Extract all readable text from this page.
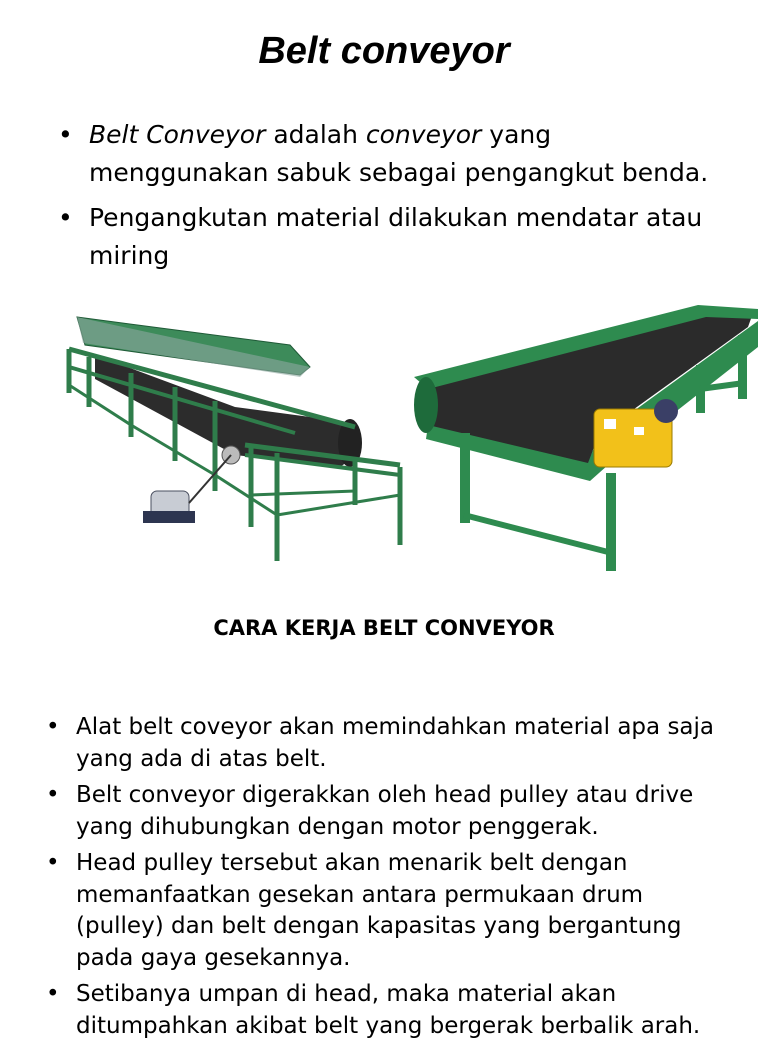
Belt conveyor
• Belt Conveyor adalah conveyor yang menggunakan sabuk sebagai pengangkut benda.
• Pengangkutan material dilakukan mendatar atau miring
CARA KERJA BELT CONVEYOR
• Alat belt coveyor akan memindahkan material apa saja yang ada di atas belt.
• Belt conveyor digerakkan oleh head pulley atau drive yang dihubungkan dengan motor penggerak.
• Head pulley tersebut akan menarik belt dengan memanfaatkan gesekan antara permukaan drum (pulley) dan belt dengan kapasitas yang bergantung pada gaya gesekannya.
• Setibanya umpan di head, maka material akan ditumpahkan akibat belt yang bergerak berbalik arah.
